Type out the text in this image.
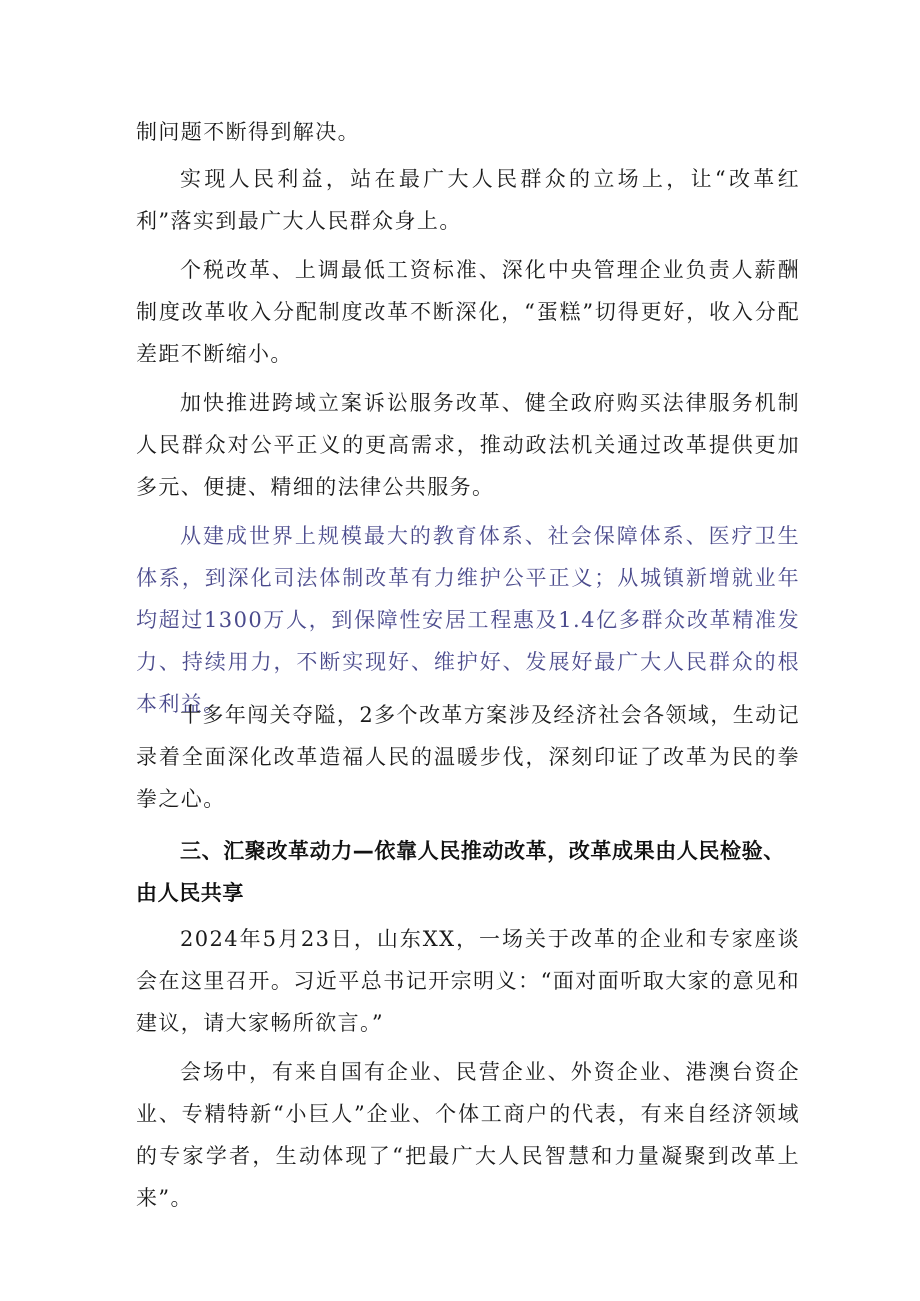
制问题不断得到解决。

实现人民利益，站在最广大人民群众的立场上，让“改革红利”落实到最广大人民群众身上。

个税改革、上调最低工资标准、深化中央管理企业负责人薪酬制度改革收入分配制度改革不断深化，“蛋糕”切得更好，收入分配差距不断缩小。

加快推进跨域立案诉讼服务改革、健全政府购买法律服务机制人民群众对公平正义的更高需求，推动政法机关通过改革提供更加多元、便捷、精细的法律公共服务。

从建成世界上规模最大的教育体系、社会保障体系、医疗卫生体系，到深化司法体制改革有力维护公平正义；从城镇新增就业年均超过1300万人，到保障性安居工程惠及1.4亿多群众改革精准发力、持续用力，不断实现好、维护好、发展好最广大人民群众的根本利益。

十多年闯关夺隘，2多个改革方案涉及经济社会各领域，生动记录着全面深化改革造福人民的温暖步伐，深刻印证了改革为民的拳拳之心。

三、汇聚改革动力—依靠人民推动改革，改革成果由人民检验、由人民共享

2024年5月23日，山东XX，一场关于改革的企业和专家座谈会在这里召开。习近平总书记开宗明义：“面对面听取大家的意见和建议，请大家畅所欲言。”

会场中，有来自国有企业、民营企业、外资企业、港澳台资企业、专精特新“小巨人”企业、个体工商户的代表，有来自经济领域的专家学者，生动体现了“把最广大人民智慧和力量凝聚到改革上来”。
